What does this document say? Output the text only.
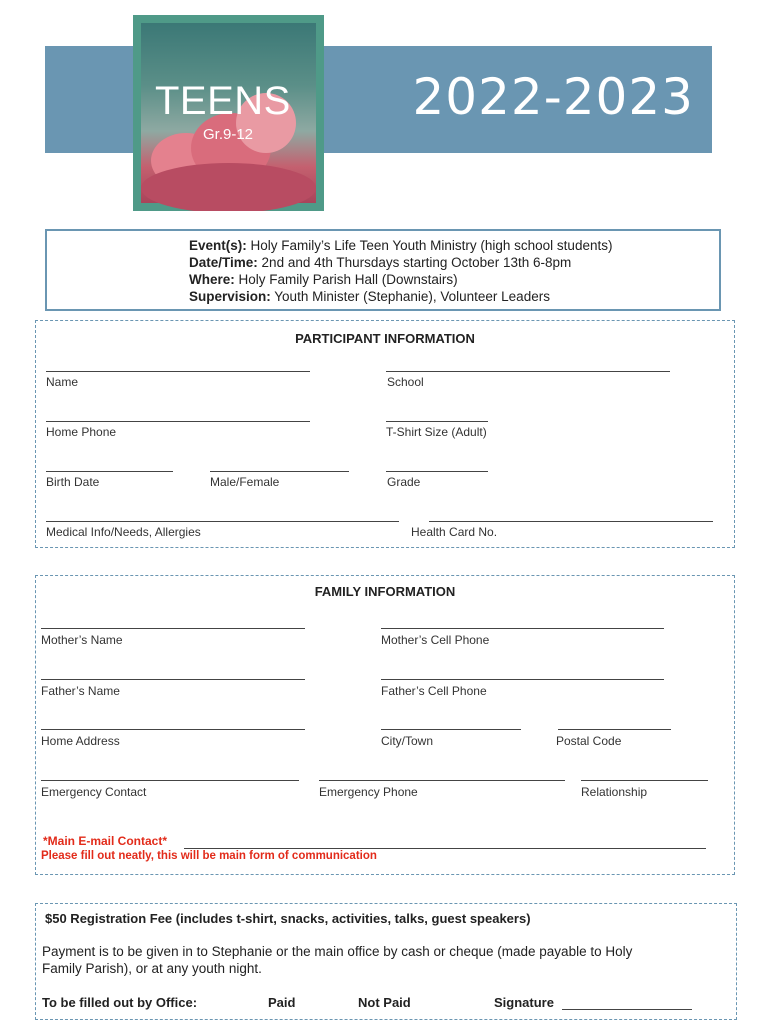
2022-2023
TEENS
Gr.9-12
Event(s): Holy Family’s Life Teen Youth Ministry (high school students)
Date/Time: 2nd and 4th Thursdays starting October 13th 6-8pm
Where: Holy Family Parish Hall (Downstairs)
Supervision: Youth Minister (Stephanie), Volunteer Leaders
PARTICIPANT INFORMATION
Name	School
Home Phone	T-Shirt Size (Adult)
Birth Date	Male/Female	Grade
Medical Info/Needs, Allergies	Health Card No.
FAMILY INFORMATION
Mother’s Name	Mother’s Cell Phone
Father’s Name	Father’s Cell Phone
Home Address	City/Town	Postal Code
Emergency Contact	Emergency Phone	Relationship
*Main E-mail Contact*
Please fill out neatly, this will be main form of communication
$50 Registration Fee (includes t-shirt, snacks, activities, talks, guest speakers)
Payment is to be given in to Stephanie or the main office by cash or cheque (made payable to Holy
Family Parish), or at any youth night.
To be filled out by Office:	Paid	Not Paid	Signature
